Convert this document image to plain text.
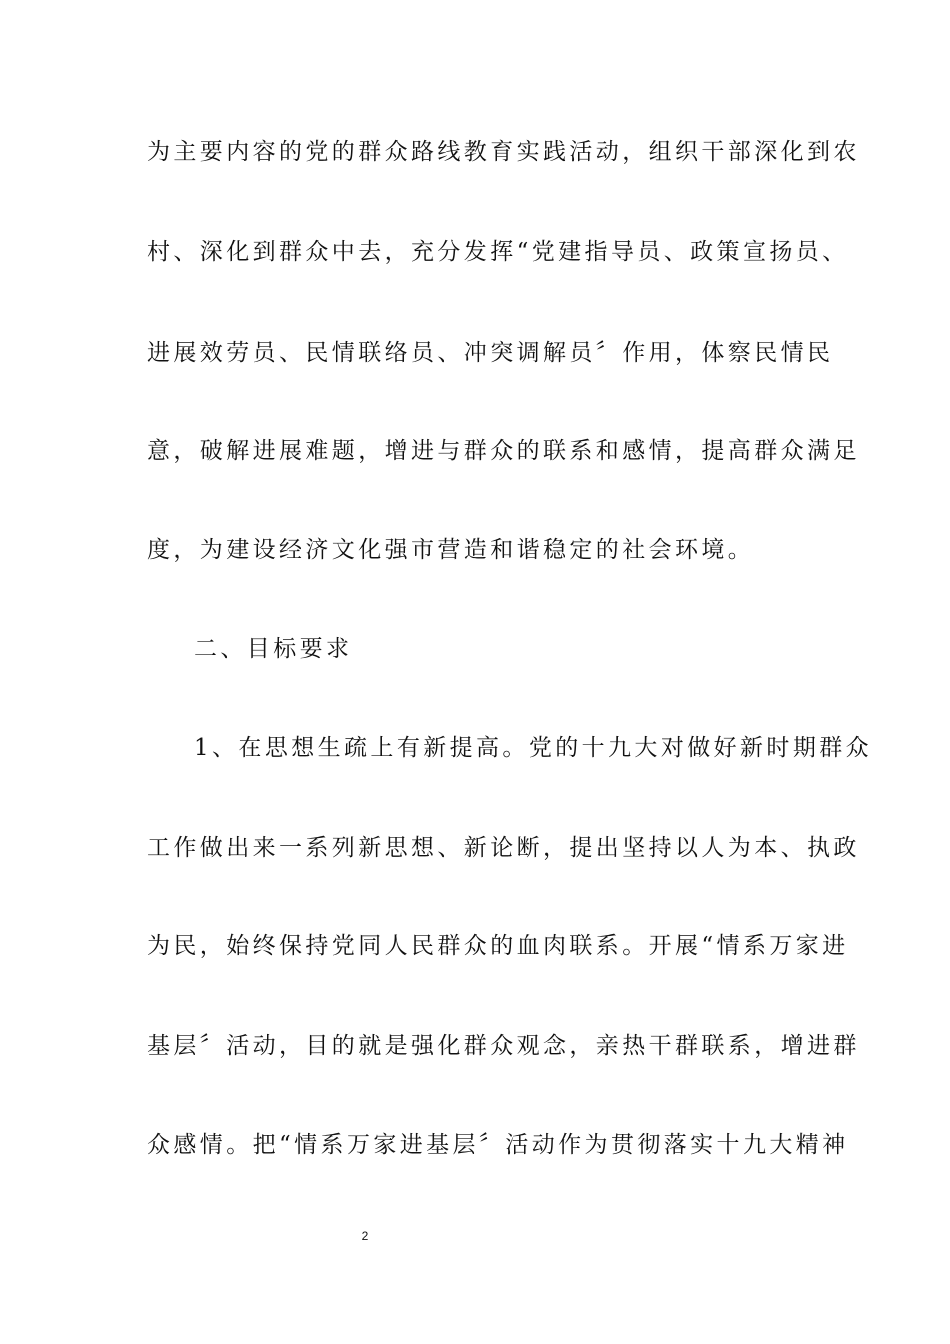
为主要内容的党的群众路线教育实践活动，组织干部深化到农
村、深化到群众中去，充分发挥“党建指导员、政策宣扬员、
进展效劳员、民情联络员、冲突调解员〞作用，体察民情民
意，破解进展难题，增进与群众的联系和感情，提高群众满足
度，为建设经济文化强市营造和谐稳定的社会环境。
二、目标要求
1、在思想生疏上有新提高。党的十九大对做好新时期群众
工作做出来一系列新思想、新论断，提出坚持以人为本、执政
为民，始终保持党同人民群众的血肉联系。开展“情系万家进
基层〞活动，目的就是强化群众观念，亲热干群联系，增进群
众感情。把“情系万家进基层〞活动作为贯彻落实十九大精神
2
